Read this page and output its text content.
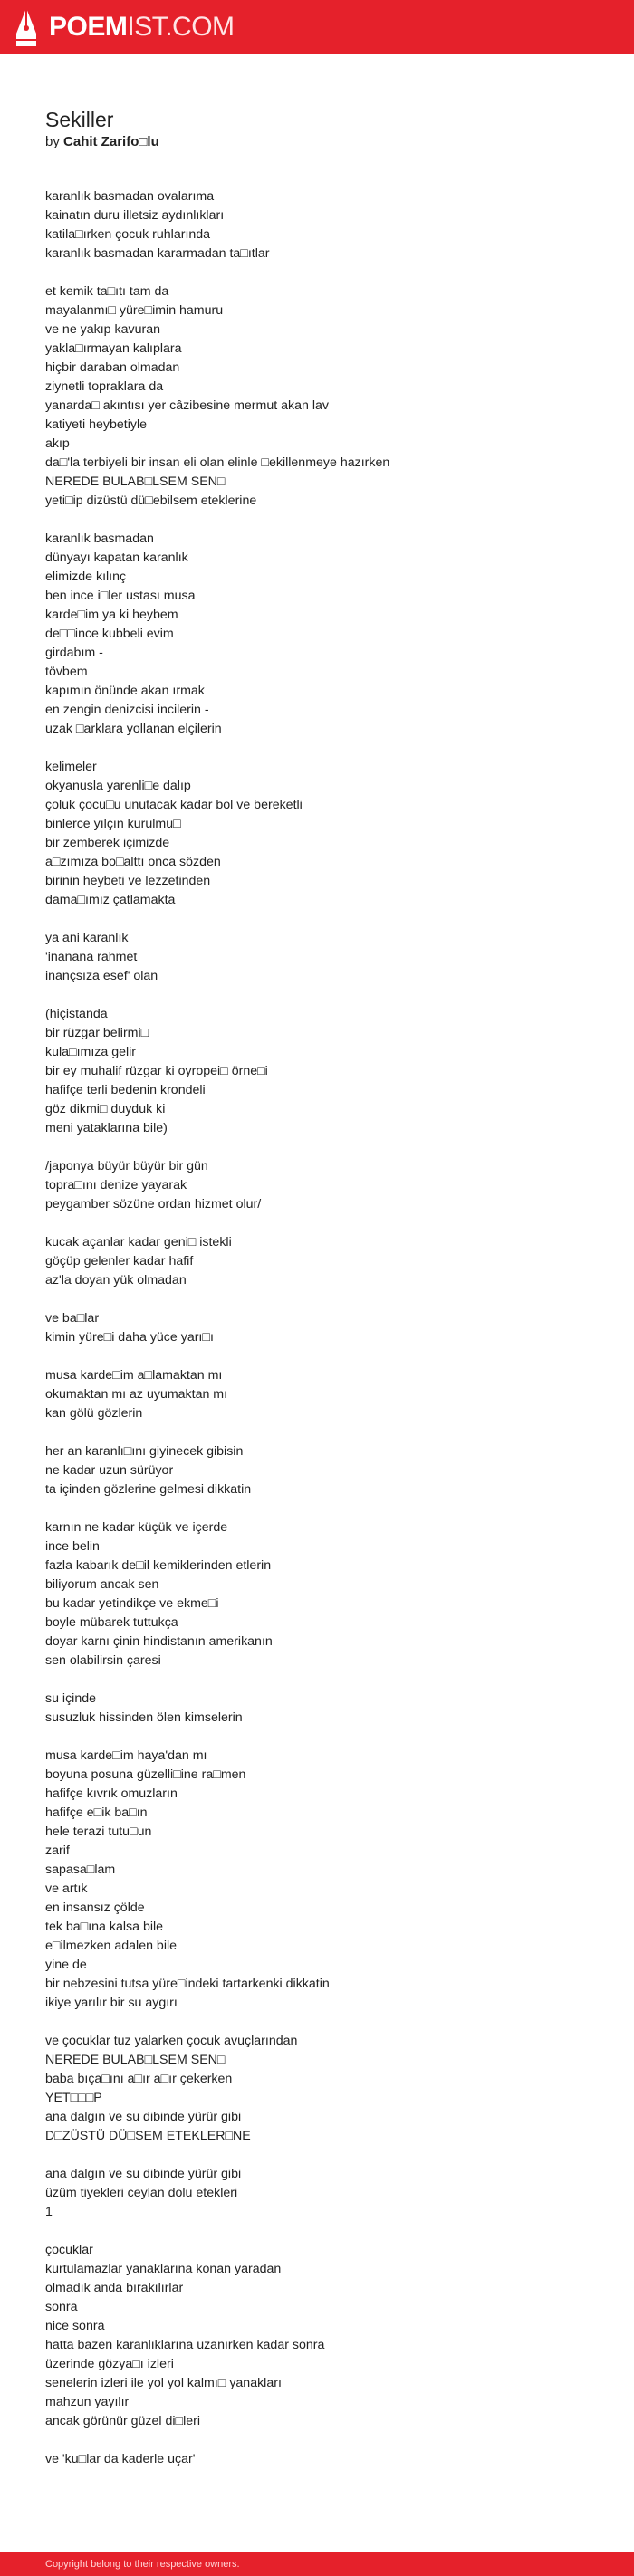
POEMIST.COM
Sekiller
by Cahit Zarifo□lu
karanlık basmadan ovalarıma
kainatın duru illetsiz aydınlıkları
katila□ırken çocuk ruhlarında
karanlık basmadan kararmadan ta□ıtlar
et kemik ta□ıtı tam da
mayalanmı□ yüre□imin hamuru
ve ne yakıp kavuran
yakla□ırmayan kalıplara
hiçbir daraban olmadan
ziynetli topraklara da
yanarda□ akıntısı yer câzibesine mermut akan lav
katiyeti heybetiyle
akıp
da□'la terbiyeli bir insan eli olan elinle □ekillenmeye hazırken
NEREDE BULAB□LSEM SEN□
yeti□ip dizüstü dü□ebilsem eteklerine
karanlık basmadan
dünyayı kapatan karanlık
elimizde kılınç
ben ince i□ler ustası musa
karde□im ya ki heybem
de□□ince kubbeli evim
girdabım -
tövbem
kapımın önünde akan ırmak
en zengin denizcisi incilerin -
uzak □arklara yollanan elçilerin
kelimeler
okyanusla yarenli□e dalıp
çoluk çocu□u unutacak kadar bol ve bereketli
binlerce yılçın kurulmu□
bir zemberek içimizde
a□zımıza bo□alttı onca sözden
birinin heybeti ve lezzetinden
dama□ımız çatlamakta
ya ani karanlık
'inanana rahmet
inançsıza esef' olan
(hiçistanda
bir rüzgar belirmi□
kula□ımıza gelir
bir ey muhalif rüzgar ki oyropei□ örne□i
hafifçe terli bedenin krondeli
göz dikmi□ duyduk ki
meni yataklarına bile)
/japonya büyür büyür bir gün
topra□ını denize yayarak
peygamber sözüne ordan hizmet olur/
kucak açanlar kadar geni□ istekli
göçüp gelenler kadar hafif
az'la doyan yük olmadan
ve ba□lar
kimin yüre□i daha yüce yarı□ı
musa karde□im a□lamaktan mı
okumaktan mı az uyumaktan mı
kan gölü gözlerin
her an karanlı□ını giyinecek gibisin
ne kadar uzun sürüyor
ta içinden gözlerine gelmesi dikkatin
karnın ne kadar küçük ve içerde
ince belin
fazla kabarık de□il kemiklerinden etlerin
biliyorum ancak sen
bu kadar yetindikçe ve ekme□i
boyle mübarek tuttukça
doyar karnı çinin hindistanın amerikanın
sen olabilirsin çaresi
su içinde
susuzluk hissinden ölen kimselerin
musa karde□im haya'dan mı
boyuna posuna güzelli□ine ra□men
hafifçe kıvrık omuzların
hafifçe e□ik ba□ın
hele terazi tutu□un
zarif
sapasa□lam
ve artık
en insansız çölde
tek ba□ına kalsa bile
e□ilmezken adalen bile
yine de
bir nebzesini tutsa yüre□indeki tartarkenki dikkatin
ikiye yarılır bir su aygırı
ve çocuklar tuz yalarken çocuk avuçlarından
NEREDE BULAB□LSEM SEN□
baba bıça□ını a□ır a□ır çekerken
YET□□□P
ana dalgın ve su dibinde yürür gibi
D□ZÜSTÜ DÜ□SEM ETEKLER□NE
ana dalgın ve su dibinde yürür gibi
üzüm tiyekleri ceylan dolu etekleri
1
çocuklar
kurtulamazlar yanaklarına konan yaradan
olmadık anda bırakılırlar
sonra
nice sonra
hatta bazen karanlıklarına uzanırken kadar sonra
üzerinde gözya□ı izleri
senelerin izleri ile yol yol kalmı□ yanakları
mahzun yayılır
ancak görünür güzel di□leri
ve 'ku□lar da kaderle uçar'
Copyright belong to their respective owners.
